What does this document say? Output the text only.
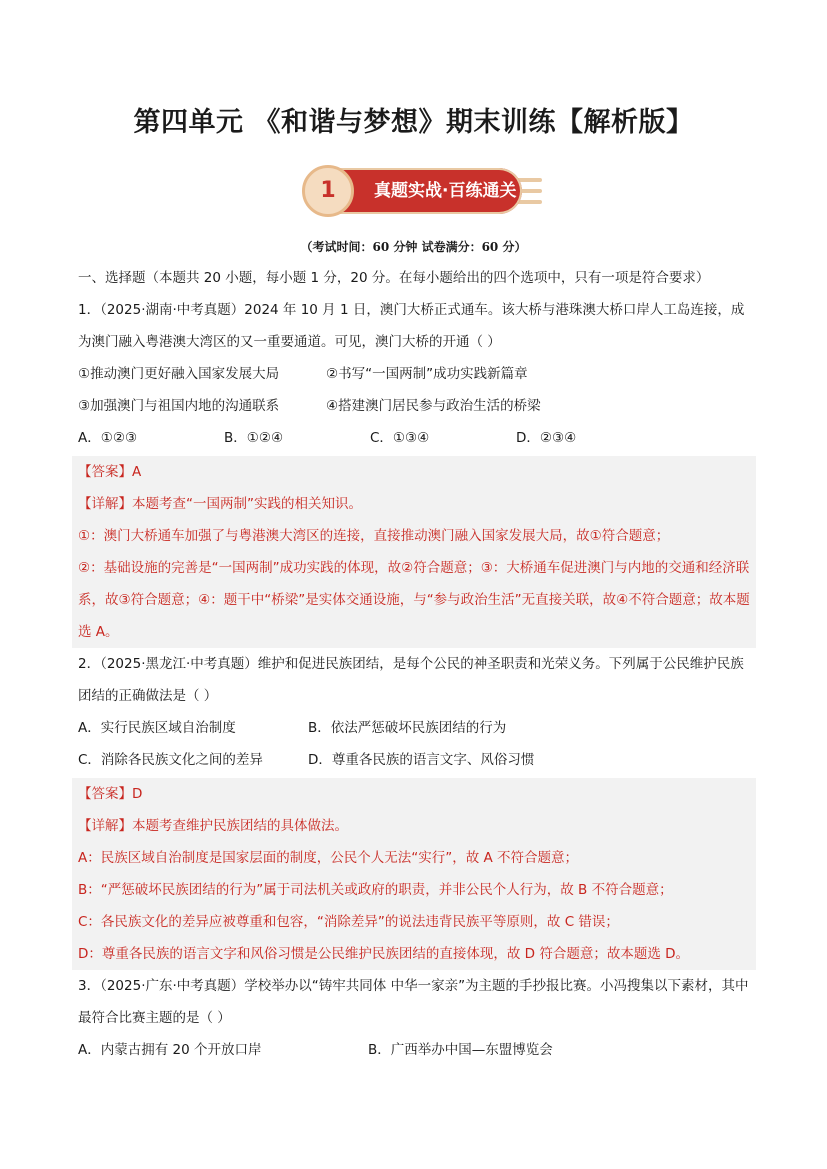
第四单元 《和谐与梦想》期末训练【解析版】
真题实战·百练通关
1
（考试时间：60 分钟 试卷满分：60 分）
一、选择题（本题共 20 小题，每小题 1 分，20 分。在每小题给出的四个选项中，只有一项是符合要求）
1．（2025·湖南·中考真题）2024 年 10 月 1 日，澳门大桥正式通车。该大桥与港珠澳大桥口岸人工岛连接，成为澳门融入粤港澳大湾区的又一重要通道。可见，澳门大桥的开通（ ）
①推动澳门更好融入国家发展大局	②书写“一国两制”成功实践新篇章
③加强澳门与祖国内地的沟通联系	④搭建澳门居民参与政治生活的桥梁
A．①②③	B．①②④	C．①③④	D．②③④
【答案】A
【详解】本题考查“一国两制”实践的相关知识。
①：澳门大桥通车加强了与粤港澳大湾区的连接，直接推动澳门融入国家发展大局，故①符合题意；
②：基础设施的完善是“一国两制”成功实践的体现，故②符合题意；③：大桥通车促进澳门与内地的交通和经济联系，故③符合题意；④：题干中“桥梁”是实体交通设施，与“参与政治生活”无直接关联，故④不符合题意；故本题选 A。
2．（2025·黑龙江·中考真题）维护和促进民族团结，是每个公民的神圣职责和光荣义务。下列属于公民维护民族团结的正确做法是（ ）
A．实行民族区域自治制度	B．依法严惩破坏民族团结的行为
C．消除各民族文化之间的差异	D．尊重各民族的语言文字、风俗习惯
【答案】D
【详解】本题考查维护民族团结的具体做法。
A：民族区域自治制度是国家层面的制度，公民个人无法“实行”，故 A 不符合题意；
B：“严惩破坏民族团结的行为”属于司法机关或政府的职责，并非公民个人行为，故 B 不符合题意；
C：各民族文化的差异应被尊重和包容，“消除差异”的说法违背民族平等原则，故 C 错误；
D：尊重各民族的语言文字和风俗习惯是公民维护民族团结的直接体现，故 D 符合题意；故本题选 D。
3．（2025·广东·中考真题）学校举办以“铸牢共同体 中华一家亲”为主题的手抄报比赛。小冯搜集以下素材，其中最符合比赛主题的是（ ）
A．内蒙古拥有 20 个开放口岸	B．广西举办中国—东盟博览会
